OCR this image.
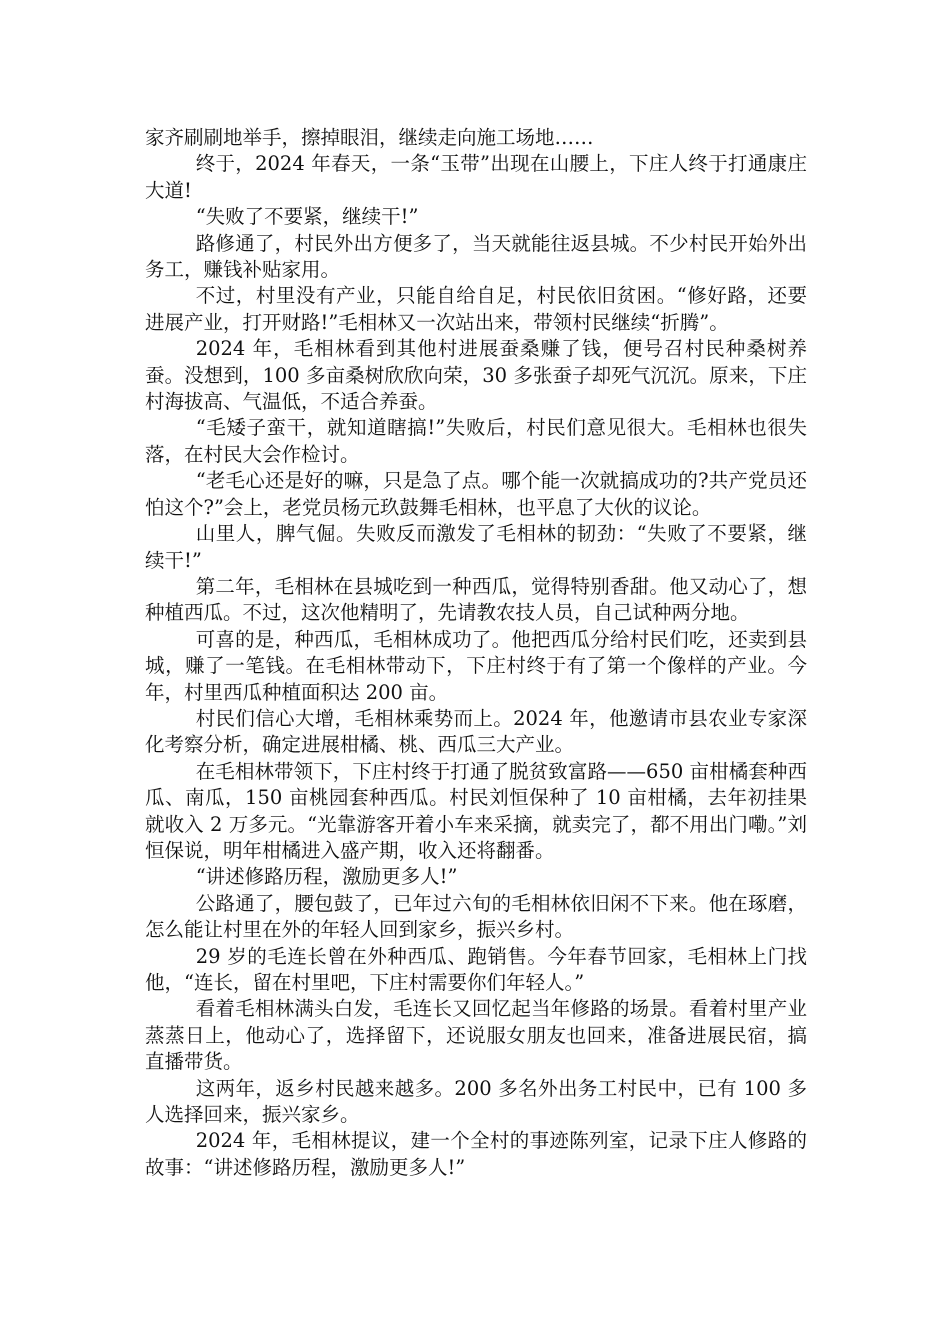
家齐刷刷地举手，擦掉眼泪，继续走向施工场地……

终于，2024 年春天，一条“玉带”出现在山腰上，下庄人终于打通康庄大道!

“失败了不要紧，继续干!”

路修通了，村民外出方便多了，当天就能往返县城。不少村民开始外出务工，赚钱补贴家用。

不过，村里没有产业，只能自给自足，村民依旧贫困。“修好路，还要进展产业，打开财路!”毛相林又一次站出来，带领村民继续“折腾”。

2024 年，毛相林看到其他村进展蚕桑赚了钱，便号召村民种桑树养蚕。没想到，100 多亩桑树欣欣向荣，30 多张蚕子却死气沉沉。原来，下庄村海拔高、气温低，不适合养蚕。

“毛矮子蛮干，就知道瞎搞!”失败后，村民们意见很大。毛相林也很失落，在村民大会作检讨。

“老毛心还是好的嘛，只是急了点。哪个能一次就搞成功的?共产党员还怕这个?”会上，老党员杨元玖鼓舞毛相林，也平息了大伙的议论。

山里人，脾气倔。失败反而激发了毛相林的韧劲：“失败了不要紧，继续干!”

第二年，毛相林在县城吃到一种西瓜，觉得特别香甜。他又动心了，想种植西瓜。不过，这次他精明了，先请教农技人员，自己试种两分地。

可喜的是，种西瓜，毛相林成功了。他把西瓜分给村民们吃，还卖到县城，赚了一笔钱。在毛相林带动下，下庄村终于有了第一个像样的产业。今年，村里西瓜种植面积达 200 亩。

村民们信心大增，毛相林乘势而上。2024 年，他邀请市县农业专家深化考察分析，确定进展柑橘、桃、西瓜三大产业。

在毛相林带领下，下庄村终于打通了脱贫致富路——650 亩柑橘套种西瓜、南瓜，150 亩桃园套种西瓜。村民刘恒保种了 10 亩柑橘，去年初挂果就收入 2 万多元。“光靠游客开着小车来采摘，就卖完了，都不用出门嘞。”刘恒保说，明年柑橘进入盛产期，收入还将翻番。

“讲述修路历程，激励更多人!”

公路通了，腰包鼓了，已年过六旬的毛相林依旧闲不下来。他在琢磨，怎么能让村里在外的年轻人回到家乡，振兴乡村。

29 岁的毛连长曾在外种西瓜、跑销售。今年春节回家，毛相林上门找他，“连长，留在村里吧，下庄村需要你们年轻人。”

看着毛相林满头白发，毛连长又回忆起当年修路的场景。看着村里产业蒸蒸日上，他动心了，选择留下，还说服女朋友也回来，准备进展民宿，搞直播带货。

这两年，返乡村民越来越多。200 多名外出务工村民中，已有 100 多人选择回来，振兴家乡。

2024 年，毛相林提议，建一个全村的事迹陈列室，记录下庄人修路的故事：“讲述修路历程，激励更多人!”
